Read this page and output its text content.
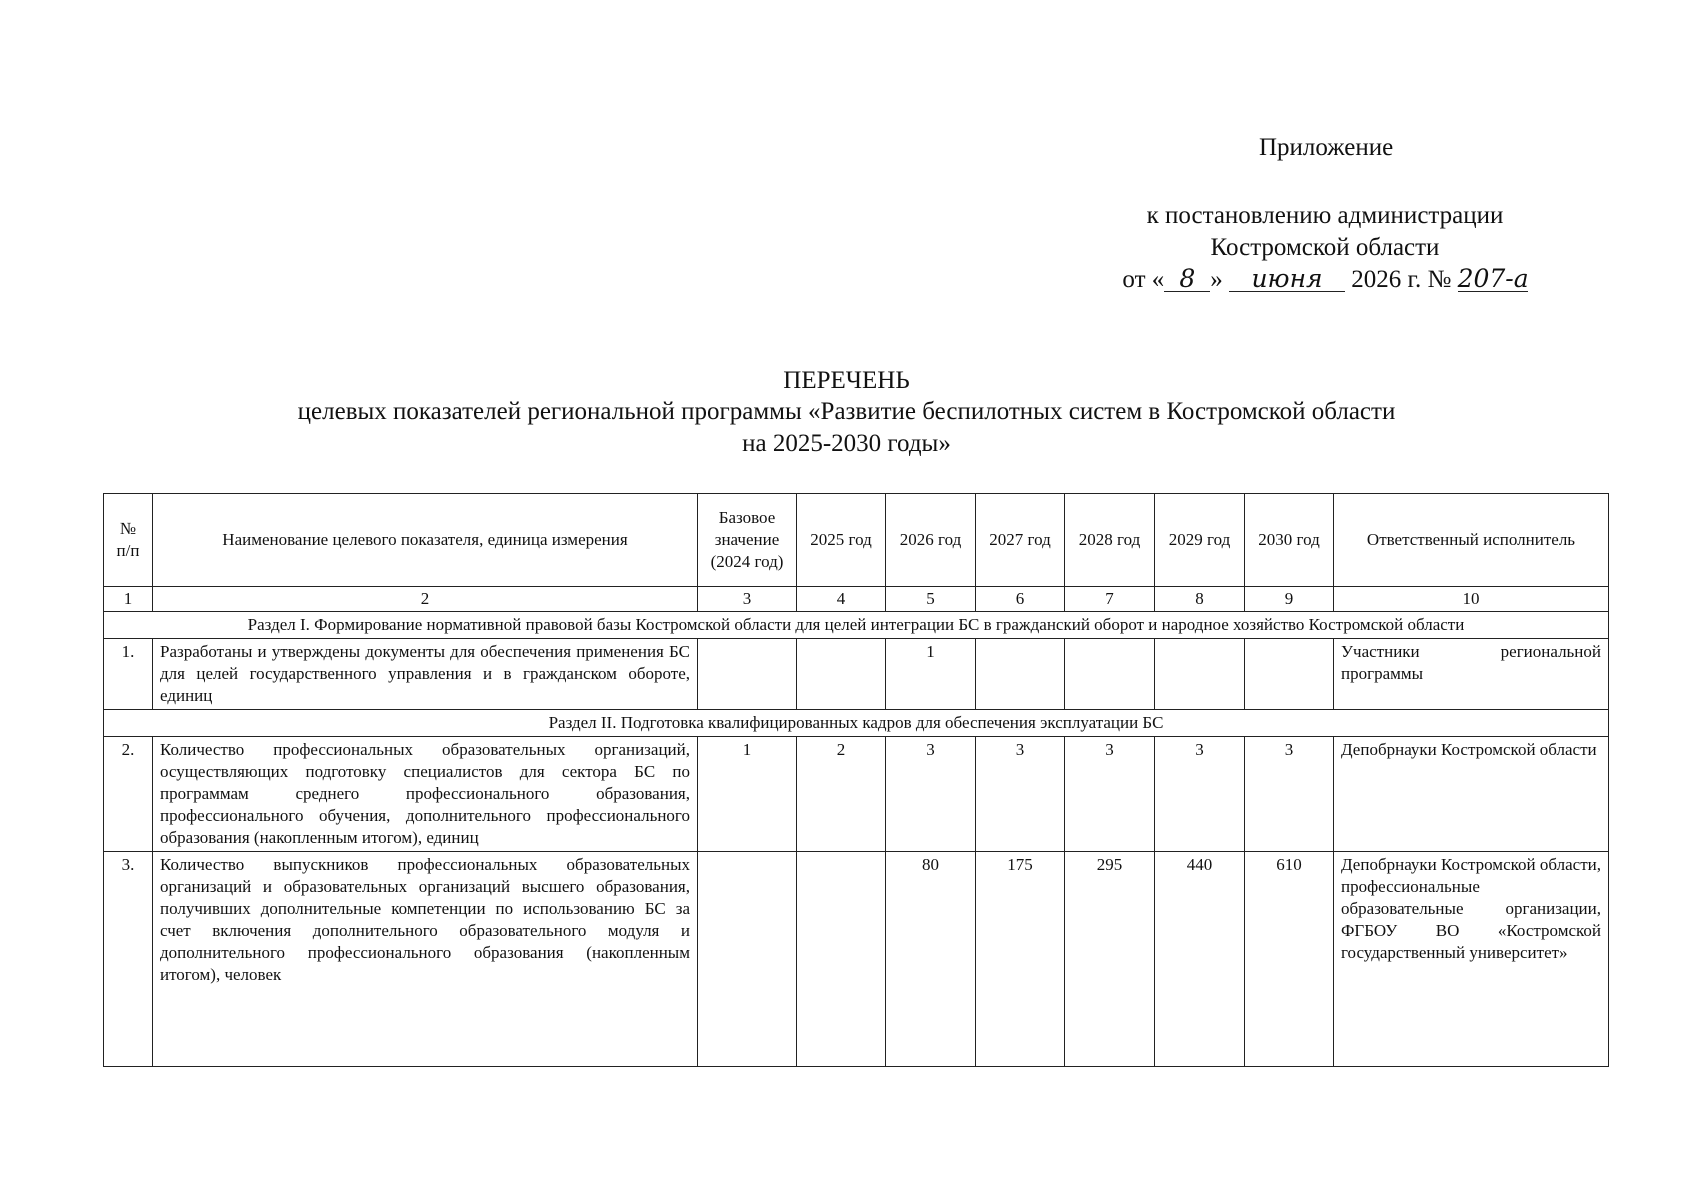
Приложение
к постановлению администрации
Костромской области
от « 8 » июня 2026 г. № 207-а
ПЕРЕЧЕНЬ
целевых показателей региональной программы «Развитие беспилотных систем в Костромской области
на 2025-2030 годы»
№ п/п	Наименование целевого показателя, единица измерения	Базовое значение (2024 год)	2025 год	2026 год	2027 год	2028 год	2029 год	2030 год	Ответственный исполнитель
1	2	3	4	5	6	7	8	9	10
Раздел I. Формирование нормативной правовой базы Костромской области для целей интеграции БС в гражданский оборот и народное хозяйство Костромской области									
1.	Разработаны и утверждены документы для обеспечения применения БС для целей государственного управления и в гражданском обороте, единиц			1					Участники региональной программы
Раздел II. Подготовка квалифицированных кадров для обеспечения эксплуатации БС									
2.	Количество профессиональных образовательных организаций, осуществляющих подготовку специалистов для сектора БС по программам среднего профессионального образования, профессионального обучения, дополнительного профессионального образования (накопленным итогом), единиц	1	2	3	3	3	3	3	Депобрнауки Костромской области
3.	Количество выпускников профессиональных образовательных организаций и образовательных организаций высшего образования, получивших дополнительные компетенции по использованию БС за счет включения дополнительного образовательного модуля и дополнительного профессионального образования (накопленным итогом), человек			80	175	295	440	610	Депобрнауки Костромской области, профессиональные образовательные организации, ФГБОУ ВО «Костромской государственный университет»
